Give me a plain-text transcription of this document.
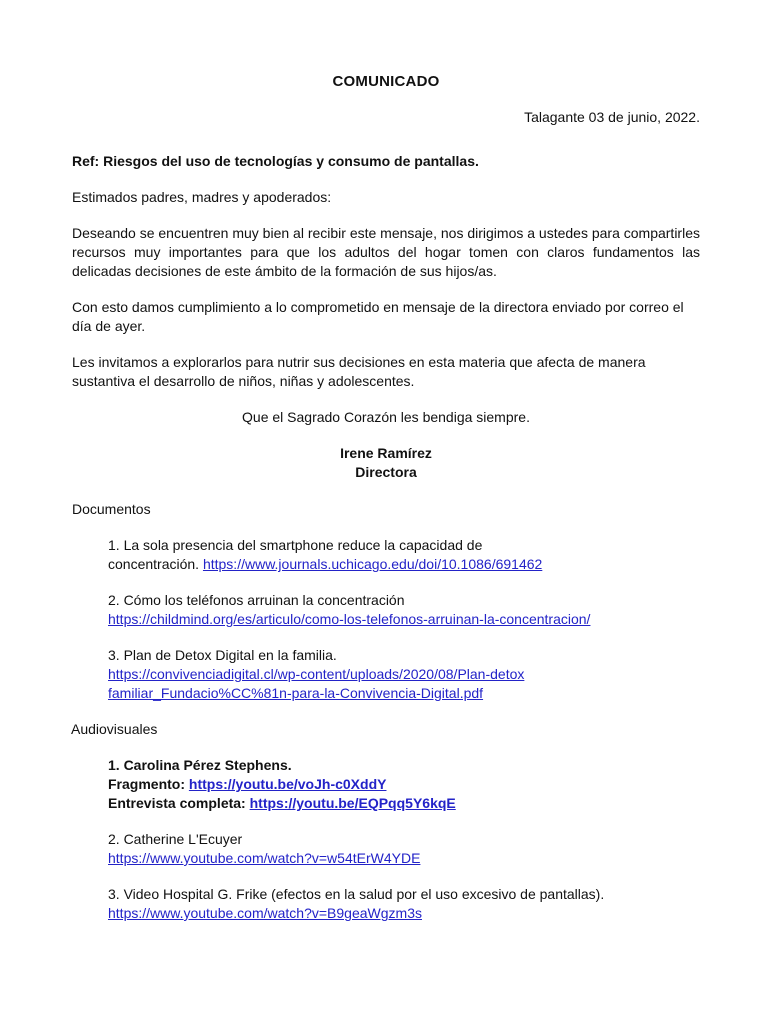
COMUNICADO
Talagante 03 de junio, 2022.
Ref: Riesgos del uso de tecnologías y consumo de pantallas.

Estimados padres, madres y apoderados:

Deseando se encuentren muy bien al recibir este mensaje, nos dirigimos a ustedes para compartirles recursos muy importantes para que los adultos del hogar tomen con claros fundamentos las delicadas decisiones de este ámbito de la formación de sus hijos/as.

Con esto damos cumplimiento a lo comprometido en mensaje de la directora enviado por correo el día de ayer.

Les invitamos a explorarlos para nutrir sus decisiones en esta materia que afecta de manera sustantiva el desarrollo de niños, niñas y adolescentes.

Que el Sagrado Corazón les bendiga siempre.

Irene Ramírez
Directora
Documentos
1. La sola presencia del smartphone reduce la capacidad de
concentración. https://www.journals.uchicago.edu/doi/10.1086/691462
2. Cómo los teléfonos arruinan la concentración
https://childmind.org/es/articulo/como-los-telefonos-arruinan-la-concentracion/
3. Plan de Detox Digital en la familia.
https://convivenciadigital.cl/wp-content/uploads/2020/08/Plan-detox
familiar_Fundacio%CC%81n-para-la-Convivencia-Digital.pdf
Audiovisuales
1. Carolina Pérez Stephens.
Fragmento: https://youtu.be/voJh-c0XddY
Entrevista completa: https://youtu.be/EQPqq5Y6kqE
2. Catherine L'Ecuyer
https://www.youtube.com/watch?v=w54tErW4YDE
3. Video Hospital G. Frike (efectos en la salud por el uso excesivo de pantallas).
https://www.youtube.com/watch?v=B9geaWgzm3s
